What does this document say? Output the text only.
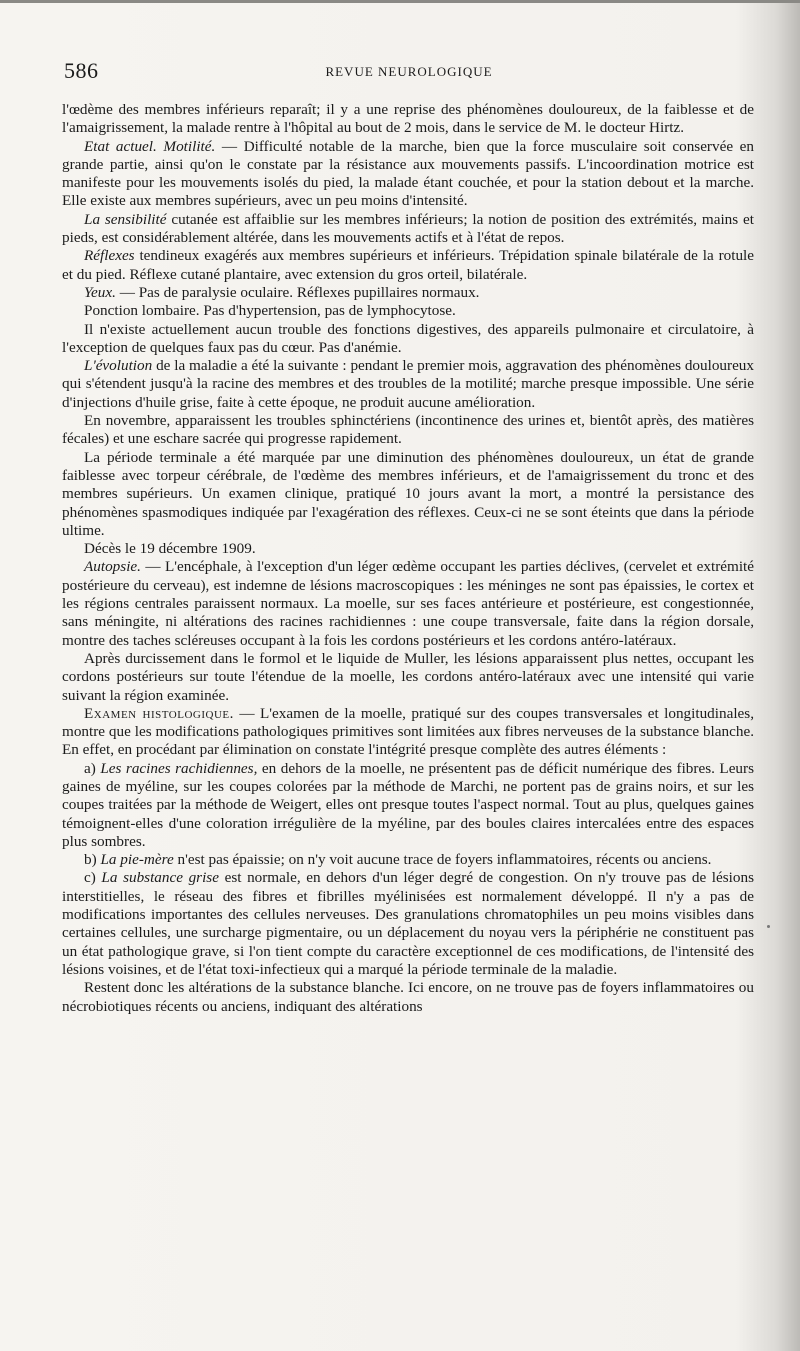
586	REVUE NEUROLOGIQUE

l'œdème des membres inférieurs reparaît; il y a une reprise des phénomènes douloureux, de la faiblesse et de l'amaigrissement, la malade rentre à l'hôpital au bout de 2 mois, dans le service de M. le docteur Hirtz.

Etat actuel. Motilité. — Difficulté notable de la marche, bien que la force musculaire soit conservée en grande partie, ainsi qu'on le constate par la résistance aux mouvements passifs. L'incoordination motrice est manifeste pour les mouvements isolés du pied, la malade étant couchée, et pour la station debout et la marche. Elle existe aux membres supérieurs, avec un peu moins d'intensité.

La sensibilité cutanée est affaiblie sur les membres inférieurs; la notion de position des extrémités, mains et pieds, est considérablement altérée, dans les mouvements actifs et à l'état de repos.

Réflexes tendineux exagérés aux membres supérieurs et inférieurs. Trépidation spinale bilatérale de la rotule et du pied. Réflexe cutané plantaire, avec extension du gros orteil, bilatérale.

Yeux. — Pas de paralysie oculaire. Réflexes pupillaires normaux.

Ponction lombaire. Pas d'hypertension, pas de lymphocytose.

Il n'existe actuellement aucun trouble des fonctions digestives, des appareils pulmonaire et circulatoire, à l'exception de quelques faux pas du cœur. Pas d'anémie.

L'évolution de la maladie a été la suivante : pendant le premier mois, aggravation des phénomènes douloureux qui s'étendent jusqu'à la racine des membres et des troubles de la motilité; marche presque impossible. Une série d'injections d'huile grise, faite à cette époque, ne produit aucune amélioration.

En novembre, apparaissent les troubles sphinctériens (incontinence des urines et, bientôt après, des matières fécales) et une eschare sacrée qui progresse rapidement.

La période terminale a été marquée par une diminution des phénomènes douloureux, un état de grande faiblesse avec torpeur cérébrale, de l'œdème des membres inférieurs, et de l'amaigrissement du tronc et des membres supérieurs. Un examen clinique, pratiqué 10 jours avant la mort, a montré la persistance des phénomènes spasmodiques indiquée par l'exagération des réflexes. Ceux-ci ne se sont éteints que dans la période ultime.

Décès le 19 décembre 1909.

Autopsie. — L'encéphale, à l'exception d'un léger œdème occupant les parties déclives, (cervelet et extrémité postérieure du cerveau), est indemne de lésions macroscopiques : les méninges ne sont pas épaissies, le cortex et les régions centrales paraissent normaux. La moelle, sur ses faces antérieure et postérieure, est congestionnée, sans méningite, ni altérations des racines rachidiennes : une coupe transversale, faite dans la région dorsale, montre des taches scléreuses occupant à la fois les cordons postérieurs et les cordons antéro-latéraux.

Après durcissement dans le formol et le liquide de Muller, les lésions apparaissent plus nettes, occupant les cordons postérieurs sur toute l'étendue de la moelle, les cordons antéro-latéraux avec une intensité qui varie suivant la région examinée.

Examen histologique. — L'examen de la moelle, pratiqué sur des coupes transversales et longitudinales, montre que les modifications pathologiques primitives sont limitées aux fibres nerveuses de la substance blanche. En effet, en procédant par élimination on constate l'intégrité presque complète des autres éléments :

a) Les racines rachidiennes, en dehors de la moelle, ne présentent pas de déficit numérique des fibres. Leurs gaines de myéline, sur les coupes colorées par la méthode de Marchi, ne portent pas de grains noirs, et sur les coupes traitées par la méthode de Weigert, elles ont presque toutes l'aspect normal. Tout au plus, quelques gaines témoignent-elles d'une coloration irrégulière de la myéline, par des boules claires intercalées entre des espaces plus sombres.

b) La pie-mère n'est pas épaissie; on n'y voit aucune trace de foyers inflammatoires, récents ou anciens.

c) La substance grise est normale, en dehors d'un léger degré de congestion. On n'y trouve pas de lésions interstitielles, le réseau des fibres et fibrilles myélinisées est normalement développé. Il n'y a pas de modifications importantes des cellules nerveuses. Des granulations chromatophiles un peu moins visibles dans certaines cellules, une surcharge pigmentaire, ou un déplacement du noyau vers la périphérie ne constituent pas un état pathologique grave, si l'on tient compte du caractère exceptionnel de ces modifications, de l'intensité des lésions voisines, et de l'état toxi-infectieux qui a marqué la période terminale de la maladie.

Restent donc les altérations de la substance blanche. Ici encore, on ne trouve pas de foyers inflammatoires ou nécrobiotiques récents ou anciens, indiquant des altérations
